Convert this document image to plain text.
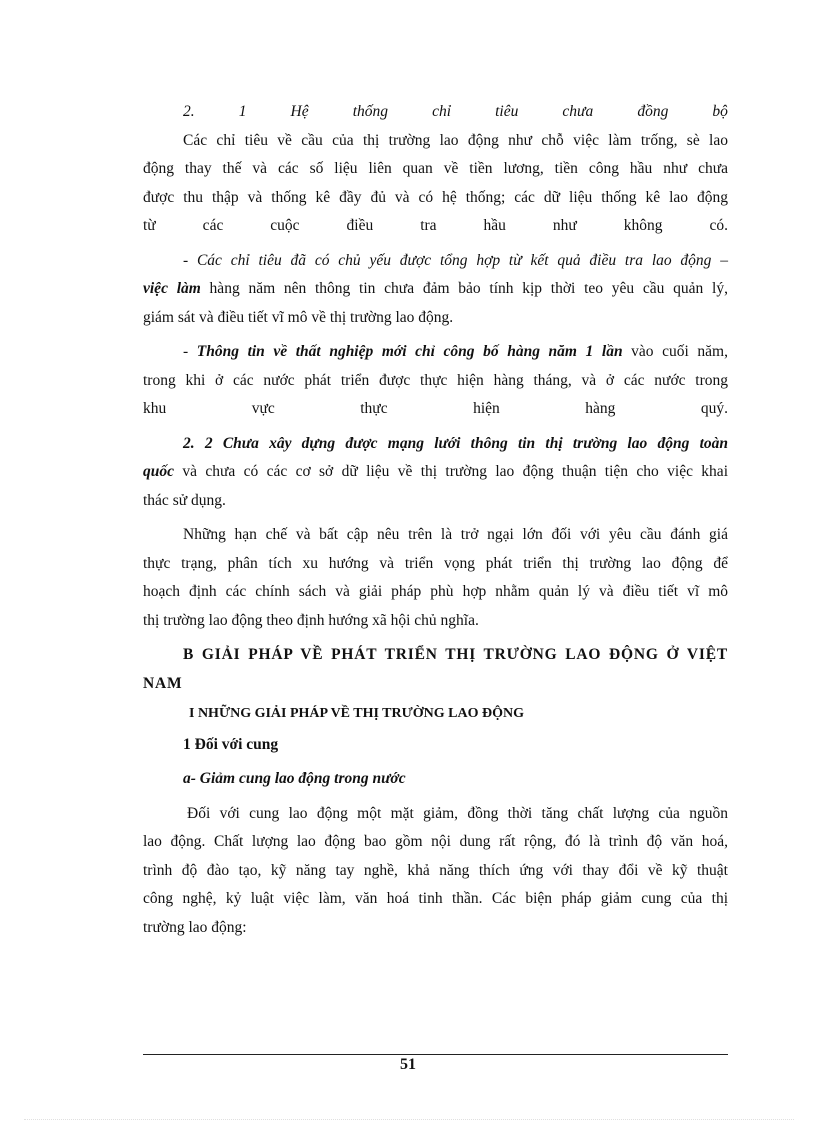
2.	1	Hệ	thống	chỉ	tiêu	chưa	đồng	bộ
Các chỉ tiêu về cầu của thị trường lao động như chỗ việc làm trống, sè lao
động thay thế và các số liệu liên quan về tiền lương, tiền công hầu như chưa
được thu thập và thống kê đầy đủ và có hệ thống; các dữ liệu thống kê lao động
từ các cuộc điều tra hầu như không có.
- Các chỉ tiêu đã có chủ yếu được tổng hợp từ kết quả điều tra lao động –
việc làm hàng năm nên thông tin chưa đảm bảo tính kịp thời teo yêu cầu quản lý,
giám sát và điều tiết vĩ mô về thị trường lao động.
- Thông tin về thất nghiệp mới chỉ công bố hàng năm 1 lần vào cuối năm,
trong khi ở các nước phát triển được thực hiện hàng tháng, và ở các nước trong
khu vực thực hiện hàng quý.
2. 2 Chưa xây dựng được mạng lưới thông tin thị trường lao động toàn
quốc và chưa có các cơ sở dữ liệu về thị trường lao động thuận tiện cho việc khai
thác sử dụng.
Những hạn chế và bất cập nêu trên là trở ngại lớn đối với yêu cầu đánh giá
thực trạng, phân tích xu hướng và triển vọng phát triển thị trường lao động để
hoạch định các chính sách và giải pháp phù hợp nhằm quản lý và điều tiết vĩ mô
thị trường lao động theo định hướng xã hội chủ nghĩa.
B GIẢI PHÁP VỀ PHÁT TRIỂN THỊ TRƯỜNG LAO ĐỘNG Ở VIỆT
NAM
I NHỮNG GIẢI PHÁP VỀ THỊ TRƯỜNG LAO ĐỘNG
1 Đối với cung
a- Giảm cung lao động trong nước
Đối với cung lao động một mặt giảm, đồng thời tăng chất lượng của nguồn
lao động. Chất lượng lao động bao gồm nội dung rất rộng, đó là trình độ văn hoá,
trình độ đào tạo, kỹ năng tay nghề, khả năng thích ứng với thay đổi về kỹ thuật
công nghệ, kỷ luật việc làm, văn hoá tinh thần. Các biện pháp giảm cung của thị
trường lao động:
51
